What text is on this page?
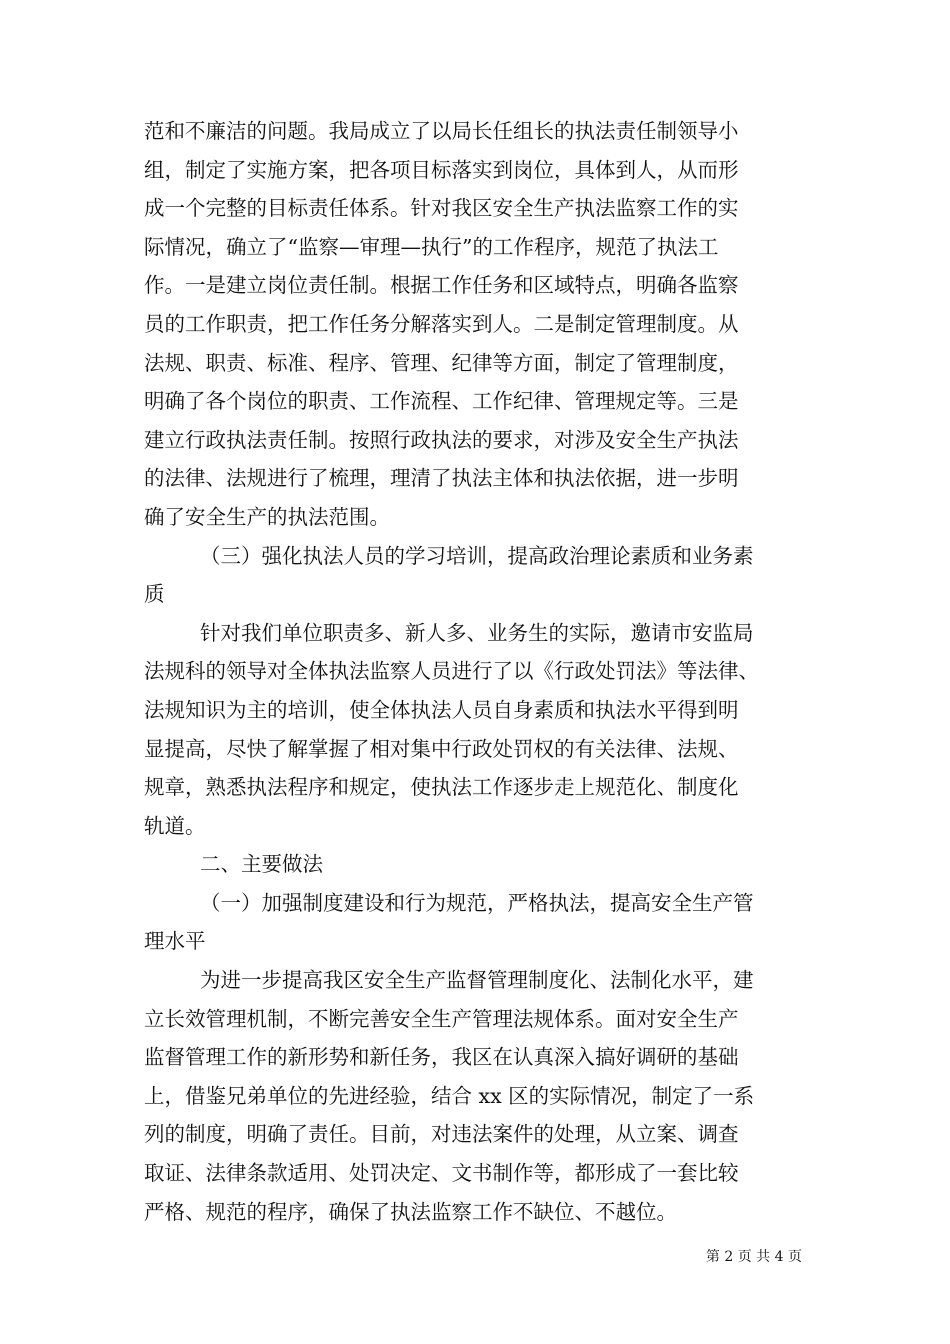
范和不廉洁的问题。我局成立了以局长任组长的执法责任制领导小
组，制定了实施方案，把各项目标落实到岗位，具体到人，从而形
成一个完整的目标责任体系。针对我区安全生产执法监察工作的实
际情况，确立了“监察—审理—执行”的工作程序，规范了执法工
作。一是建立岗位责任制。根据工作任务和区域特点，明确各监察
员的工作职责，把工作任务分解落实到人。二是制定管理制度。从
法规、职责、标准、程序、管理、纪律等方面，制定了管理制度，
明确了各个岗位的职责、工作流程、工作纪律、管理规定等。三是
建立行政执法责任制。按照行政执法的要求，对涉及安全生产执法
的法律、法规进行了梳理，理清了执法主体和执法依据，进一步明
确了安全生产的执法范围。
（三）强化执法人员的学习培训，提高政治理论素质和业务素
质
针对我们单位职责多、新人多、业务生的实际，邀请市安监局
法规科的领导对全体执法监察人员进行了以《行政处罚法》等法律、
法规知识为主的培训，使全体执法人员自身素质和执法水平得到明
显提高，尽快了解掌握了相对集中行政处罚权的有关法律、法规、
规章，熟悉执法程序和规定，使执法工作逐步走上规范化、制度化
轨道。
二、主要做法
（一）加强制度建设和行为规范，严格执法，提高安全生产管
理水平
为进一步提高我区安全生产监督管理制度化、法制化水平，建
立长效管理机制，不断完善安全生产管理法规体系。面对安全生产
监督管理工作的新形势和新任务，我区在认真深入搞好调研的基础
上，借鉴兄弟单位的先进经验，结合 xx 区的实际情况，制定了一系
列的制度，明确了责任。目前，对违法案件的处理，从立案、调查
取证、法律条款适用、处罚决定、文书制作等，都形成了一套比较
严格、规范的程序，确保了执法监察工作不缺位、不越位。
第 2 页 共 4 页
